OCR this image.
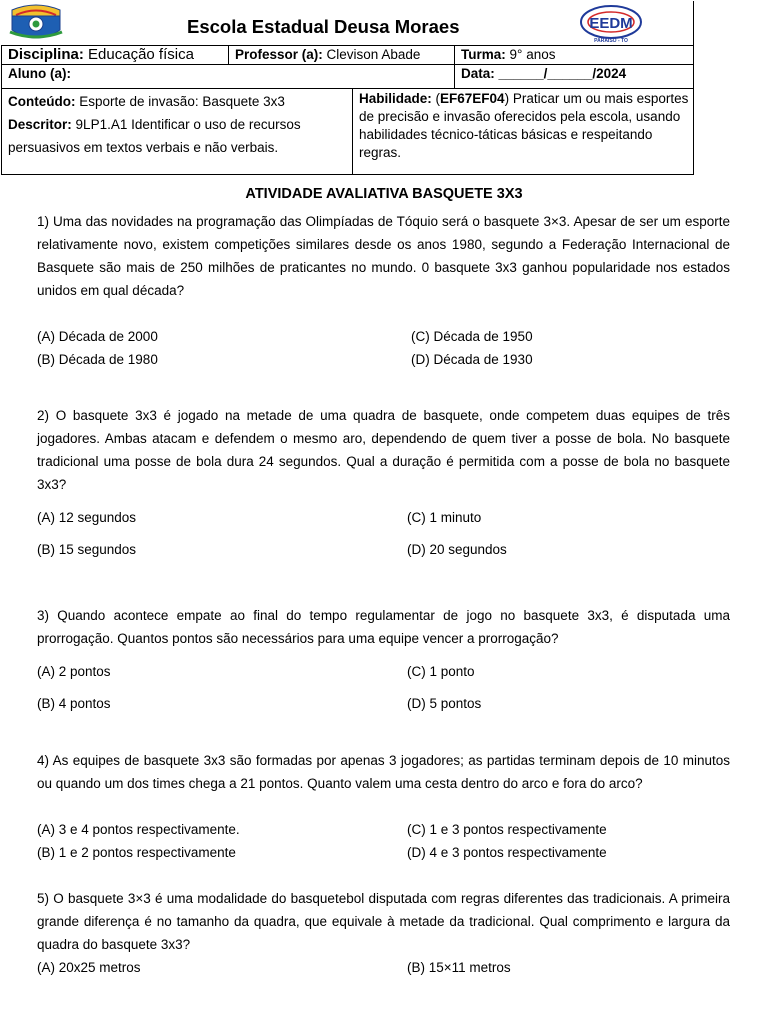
Escola Estadual Deusa Moraes	EEDM
PARAISO - TO
Disciplina: Educação física	Professor (a): Clevison Abade	Turma: 9° anos
Aluno (a):	Data: ______/______/2024
Conteúdo: Esporte de invasão: Basquete 3x3
Descritor: 9LP1.A1 Identificar o uso de recursos persuasivos em textos verbais e não verbais.
Habilidade: (EF67EF04) Praticar um ou mais esportes de precisão e invasão oferecidos pela escola, usando habilidades técnico-táticas básicas e respeitando regras.
ATIVIDADE AVALIATIVA BASQUETE 3X3
1) Uma das novidades na programação das Olimpíadas de Tóquio será o basquete 3×3. Apesar de ser um esporte relativamente novo, existem competições similares desde os anos 1980, segundo a Federação Internacional de Basquete são mais de 250 milhões de praticantes no mundo. 0 basquete 3x3 ganhou popularidade nos estados unidos em qual década?
(A) Década de 2000
(B) Década de 1980
(C) Década de 1950
(D) Década de 1930
2) O basquete 3x3 é jogado na metade de uma quadra de basquete, onde competem duas equipes de três jogadores. Ambas atacam e defendem o mesmo aro, dependendo de quem tiver a posse de bola. No basquete tradicional uma posse de bola dura 24 segundos. Qual a duração é permitida com a posse de bola no basquete 3x3?
(A) 12 segundos
(B) 15 segundos
(C) 1 minuto
(D) 20 segundos
3) Quando acontece empate ao final do tempo regulamentar de jogo no basquete 3x3, é disputada uma prorrogação. Quantos pontos são necessários para uma equipe vencer a prorrogação?
(A) 2 pontos
(B) 4 pontos
(C) 1 ponto
(D) 5 pontos
4) As equipes de basquete 3x3 são formadas por apenas 3 jogadores; as partidas terminam depois de 10 minutos ou quando um dos times chega a 21 pontos. Quanto valem uma cesta dentro do arco e fora do arco?
(A) 3 e 4 pontos respectivamente.
(B) 1 e 2 pontos respectivamente
(C) 1 e 3 pontos respectivamente
(D) 4 e 3 pontos respectivamente
5) O basquete 3×3 é uma modalidade do basquetebol disputada com regras diferentes das tradicionais. A primeira grande diferença é no tamanho da quadra, que equivale à metade da tradicional. Qual comprimento e largura da quadra do basquete 3x3?
(A) 20x25 metros	(B) 15×11 metros
